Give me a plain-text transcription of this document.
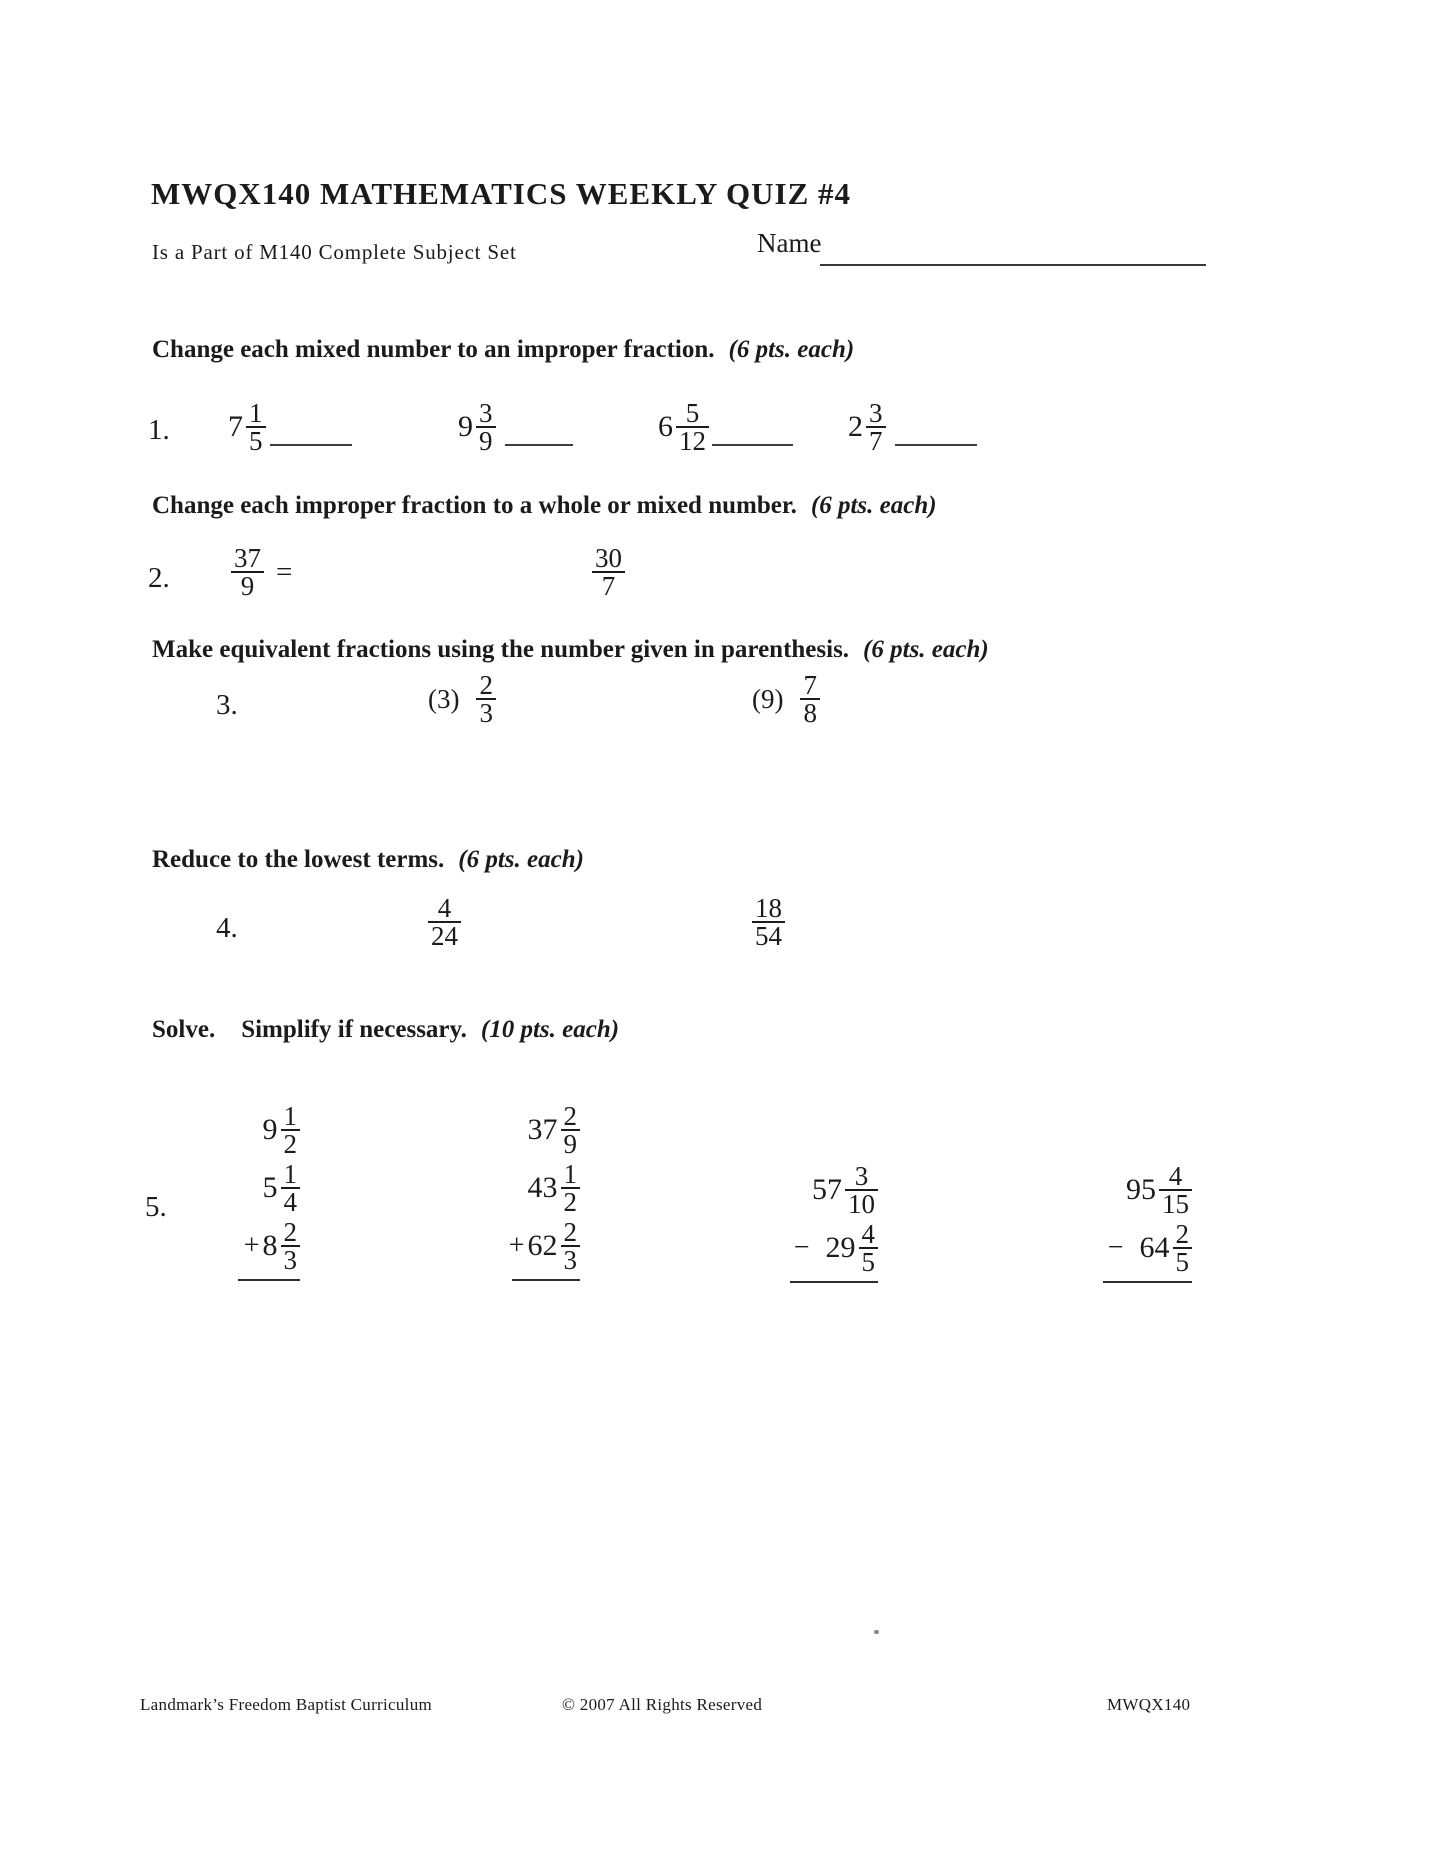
MWQX140 MATHEMATICS WEEKLY QUIZ #4
Is a Part of M140 Complete Subject Set	Name
Change each mixed number to an improper fraction. (6 pts. each)
1. $7 \frac{1}{5}$	$9 \frac{3}{9}$	$6 \frac{5}{12}$	$2 \frac{3}{7}$
Change each improper fraction to a whole or mixed number. (6 pts. each)
2. $\frac{37}{9}$ =	$\frac{30}{7}$
Make equivalent fractions using the number given in parenthesis. (6 pts. each)
3.	$(3) \frac{2}{3}$	$(9) \frac{7}{8}$
Reduce to the lowest terms. (6 pts. each)
4.	$\frac{4}{24}$	$\frac{18}{54}$
Solve. Simplify if necessary. (10 pts. each)
5.
$9 \frac{1}{2}$
$5 \frac{1}{4}$
+ $8 \frac{2}{3}$
$37 \frac{2}{9}$
$43 \frac{1}{2}$
+ $62 \frac{2}{3}$
$57 \frac{3}{10}$
− $29 \frac{4}{5}$
$95 \frac{4}{15}$
− $64 \frac{2}{5}$
Landmark’s Freedom Baptist Curriculum	© 2007 All Rights Reserved	MWQX140
